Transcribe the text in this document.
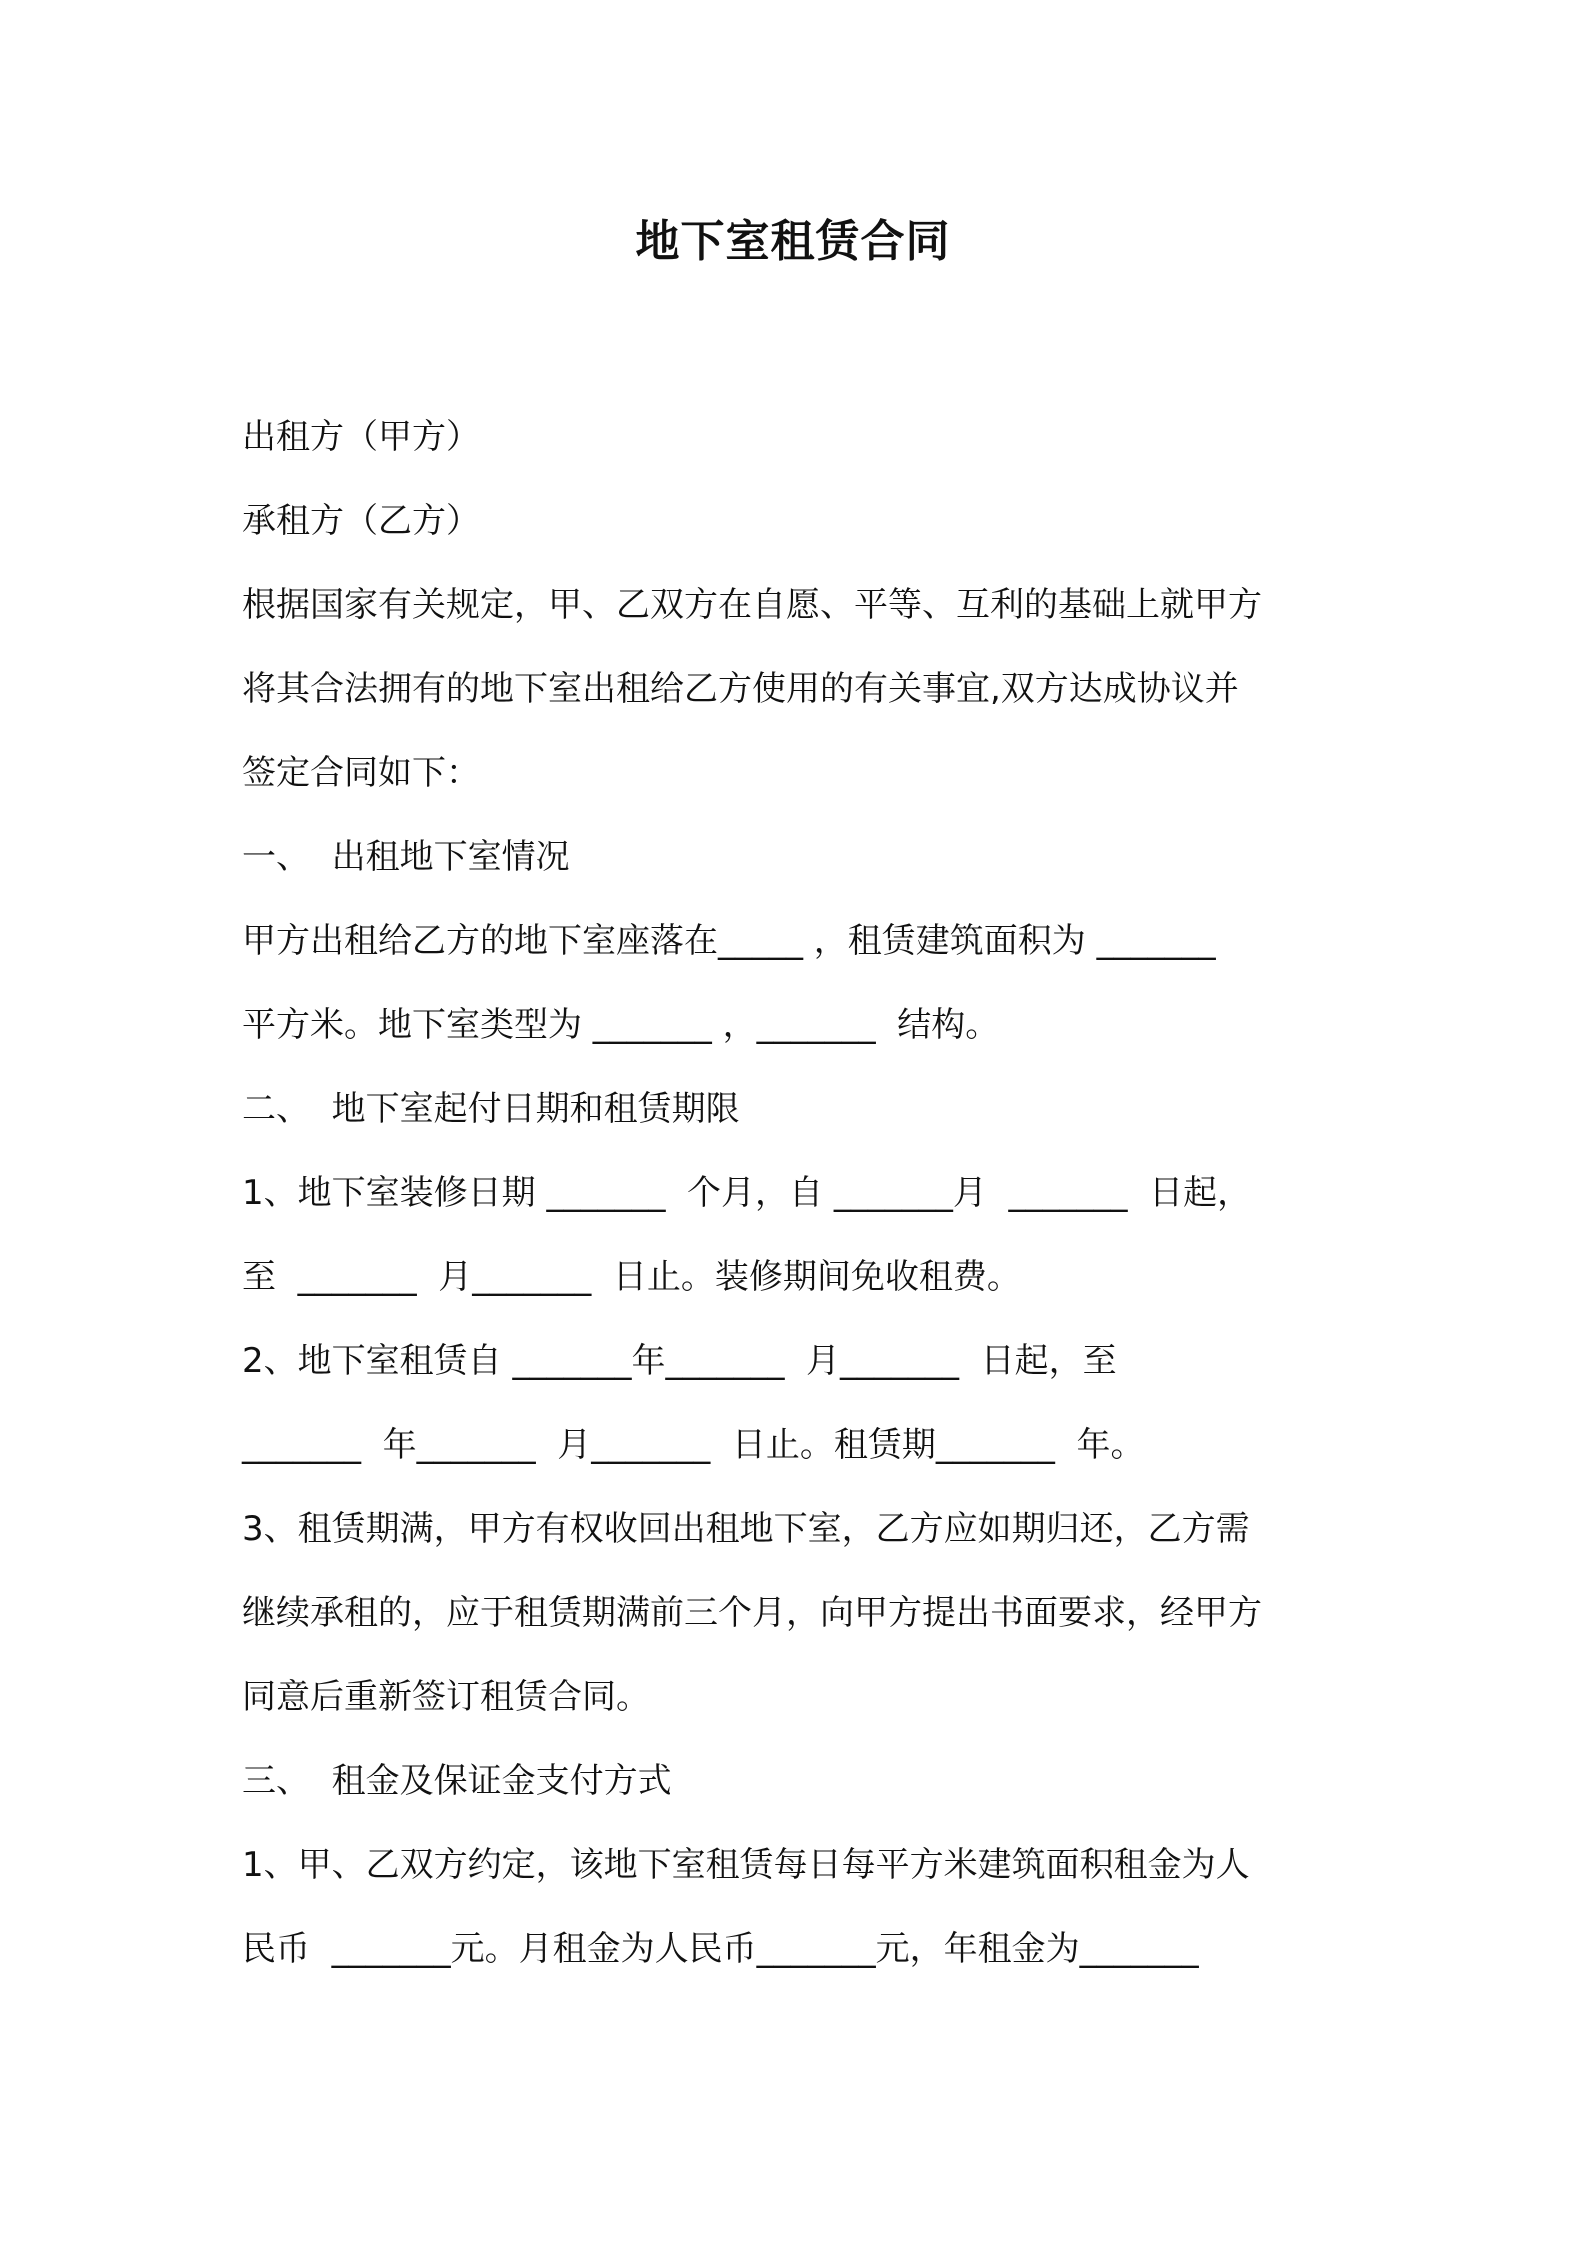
地下室租赁合同
出租方（甲方）
承租方（乙方）
根据国家有关规定，甲、乙双方在自愿、平等、互利的基础上就甲方
将其合法拥有的地下室出租给乙方使用的有关事宜,双方达成协议并
签定合同如下：
一、  出租地下室情况
甲方出租给乙方的地下室座落在_____ ，租赁建筑面积为 _______
平方米。地下室类型为 _______ ，_______  结构。
二、  地下室起付日期和租赁期限
1、地下室装修日期 _______  个月，自 _______月  _______  日起，
至  _______  月_______  日止。装修期间免收租费。
2、地下室租赁自 _______年_______  月_______  日起，至
_______  年_______  月_______  日止。租赁期_______  年。
3、租赁期满，甲方有权收回出租地下室，乙方应如期归还，乙方需
继续承租的，应于租赁期满前三个月，向甲方提出书面要求，经甲方
同意后重新签订租赁合同。
三、  租金及保证金支付方式
1、甲、乙双方约定，该地下室租赁每日每平方米建筑面积租金为人
民币  _______元。月租金为人民币_______元，年租金为_______
